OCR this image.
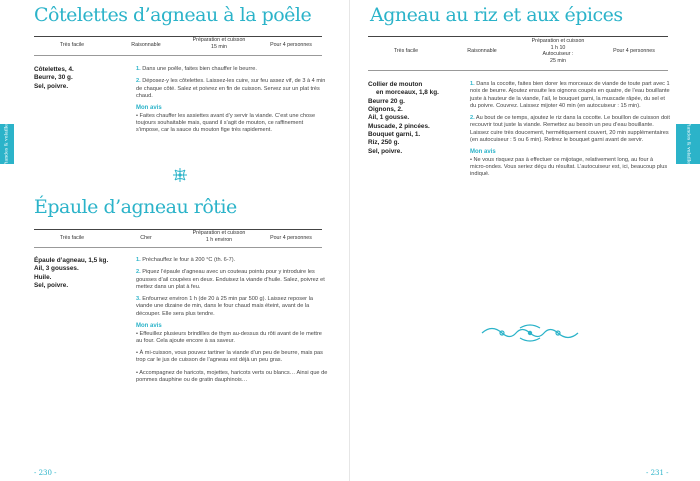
Côtelettes d’agneau à la poêle
Très facile	Raisonnable
Préparation et cuisson
15 min	Pour 4 personnes
Côtelettes, 4.
Beurre, 30 g.
Sel, poivre.
1. Dans une poêle, faites bien chauffer le beurre.
2. Déposez-y les côtelettes. Laissez-les cuire, sur feu assez vif, de 3 à 4 min de chaque côté. Salez et poivrez en fin de cuisson. Servez sur un plat très chaud.
Mon avis
• Faites chauffer les assiettes avant d’y servir la viande. C’est une chose toujours souhaitable mais, quand il s’agit de mouton, ce raffinement s’impose, car la sauce du mouton fige très rapidement.
Épaule d’agneau rôtie
Très facile	Cher
Préparation et cuisson
1 h environ	Pour 4 personnes
Épaule d’agneau, 1,5 kg.
Ail, 3 gousses.
Huile.
Sel, poivre.
1. Préchauffez le four à 200 °C (th. 6-7).
2. Piquez l’épaule d’agneau avec un couteau pointu pour y introduire les gousses d’ail coupées en deux. Enduisez la viande d’huile. Salez, poivrez et mettez dans un plat à feu.
3. Enfournez environ 1 h (de 20 à 25 min par 500 g). Laissez reposer la viande une dizaine de min, dans le four chaud mais éteint, avant de la découper. Elle sera plus tendre.
Mon avis
• Effeuillez plusieurs brindilles de thym au-dessus du rôti avant de le mettre au four. Cela ajoute encore à sa saveur.
• À mi-cuisson, vous pouvez tartiner la viande d’un peu de beurre, mais pas trop car le jus de cuisson de l’agneau est déjà un peu gras.
• Accompagnez de haricots, mojettes, haricots verts ou blancs… Ainsi que de pommes dauphine ou de gratin dauphinois…
Viandes & volailles
- 230 -
Agneau au riz et aux épices
Très facile	Raisonnable
Préparation et cuisson
1 h 10
Autocuiseur :
25 min
Pour 4 personnes
Collier de mouton
en morceaux, 1,8 kg.
Beurre 20 g.
Oignons, 2.
Ail, 1 gousse.
Muscade, 2 pincées.
Bouquet garni, 1.
Riz, 250 g.
Sel, poivre.
1. Dans la cocotte, faites bien dorer les morceaux de viande de toute part avec 1 noix de beurre. Ajoutez ensuite les oignons coupés en quatre, de l’eau bouillante juste à hauteur de la viande, l’ail, le bouquet garni, la muscade râpée, du sel et du poivre. Couvrez. Laissez mijoter 40 min (en autocuiseur : 15 min).
2. Au bout de ce temps, ajoutez le riz dans la cocotte. Le bouillon de cuisson doit recouvrir tout juste la viande. Remettez au besoin un peu d’eau bouillante. Laissez cuire très doucement, hermétiquement couvert, 20 min supplémentaires (en autocuiseur : 5 ou 6 min). Retirez le bouquet garni avant de servir.
Mon avis
• Ne vous risquez pas à effectuer ce mijotage, relativement long, au four à micro-ondes. Vous seriez déçu du résultat. L’autocuiseur est, ici, beaucoup plus indiqué.
Viandes & volailles
- 231 -
